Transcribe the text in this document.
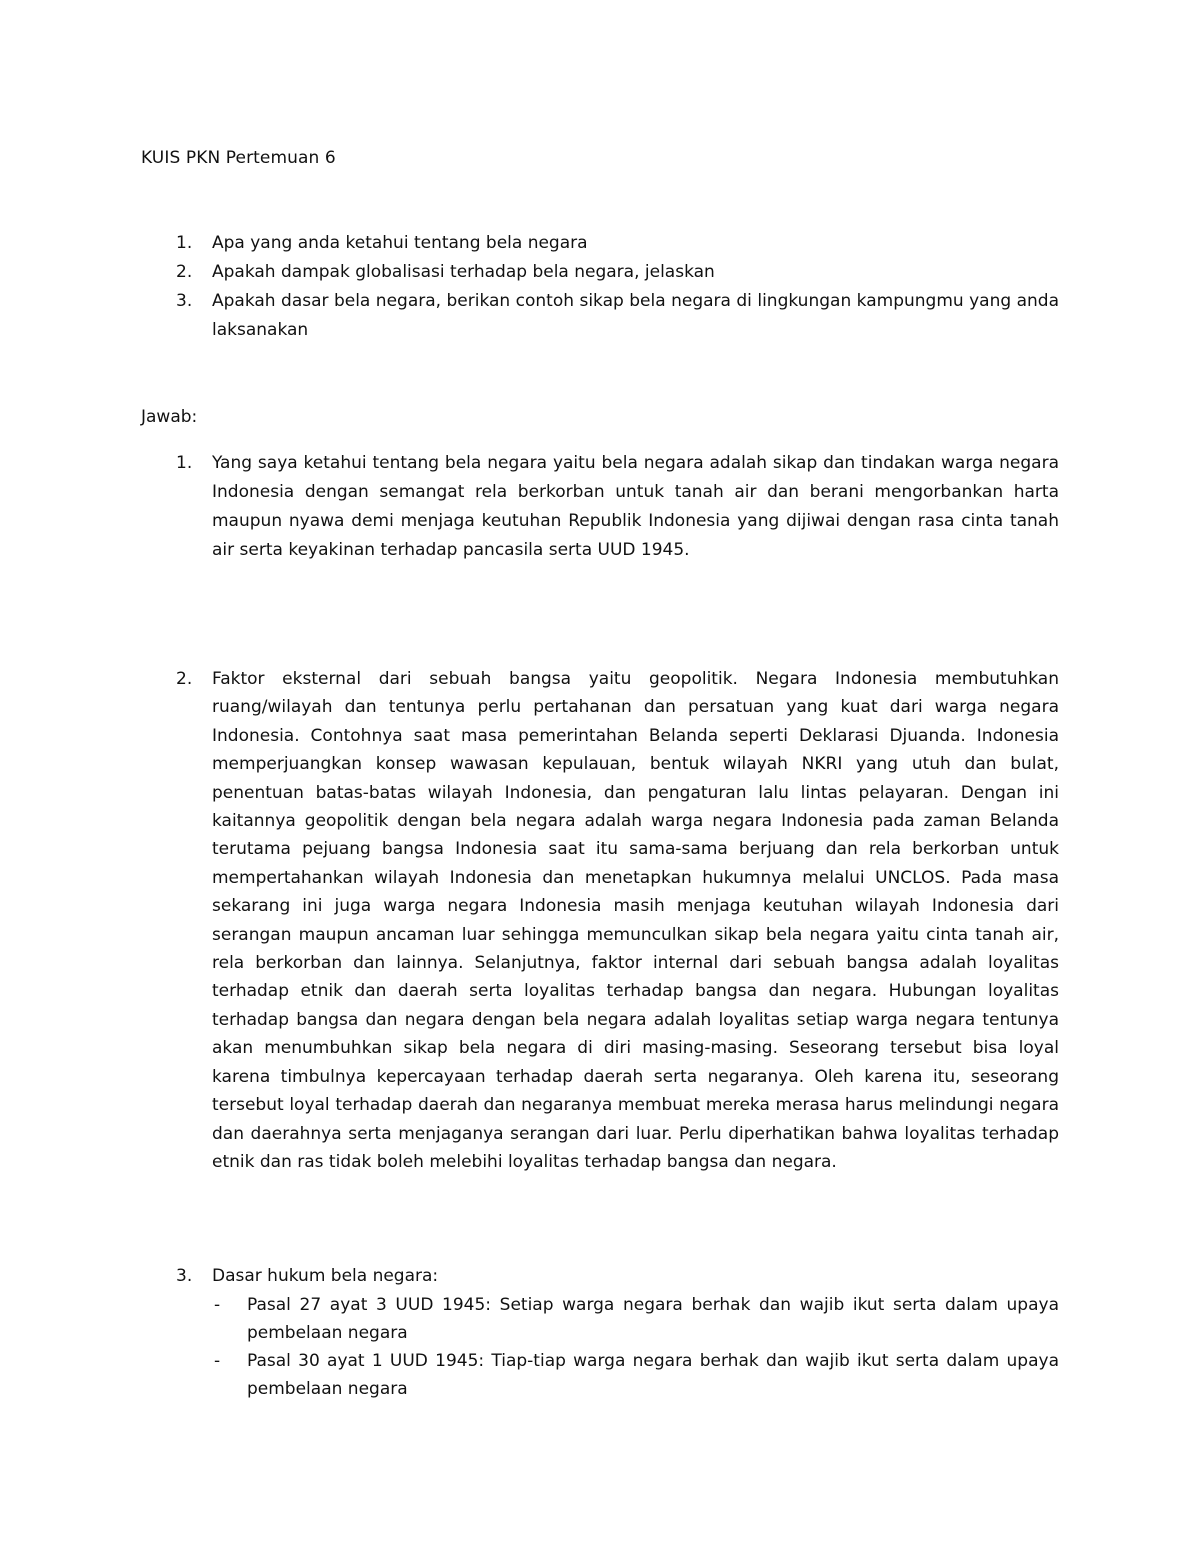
KUIS PKN Pertemuan 6
1. Apa yang anda ketahui tentang bela negara
2. Apakah dampak globalisasi terhadap bela negara, jelaskan
3. Apakah dasar bela negara, berikan contoh sikap bela negara di lingkungan kampungmu yang anda laksanakan
Jawab:
1. Yang saya ketahui tentang bela negara yaitu bela negara adalah sikap dan tindakan warga negara Indonesia dengan semangat rela berkorban untuk tanah air dan berani mengorbankan harta maupun nyawa demi menjaga keutuhan Republik Indonesia yang dijiwai dengan rasa cinta tanah air serta keyakinan terhadap pancasila serta UUD 1945.
2. Faktor eksternal dari sebuah bangsa yaitu geopolitik. Negara Indonesia membutuhkan ruang/wilayah dan tentunya perlu pertahanan dan persatuan yang kuat dari warga negara Indonesia. Contohnya saat masa pemerintahan Belanda seperti Deklarasi Djuanda. Indonesia memperjuangkan konsep wawasan kepulauan, bentuk wilayah NKRI yang utuh dan bulat, penentuan batas-batas wilayah Indonesia, dan pengaturan lalu lintas pelayaran. Dengan ini kaitannya geopolitik dengan bela negara adalah warga negara Indonesia pada zaman Belanda terutama pejuang bangsa Indonesia saat itu sama-sama berjuang dan rela berkorban untuk mempertahankan wilayah Indonesia dan menetapkan hukumnya melalui UNCLOS. Pada masa sekarang ini juga warga negara Indonesia masih menjaga keutuhan wilayah Indonesia dari serangan maupun ancaman luar sehingga memunculkan sikap bela negara yaitu cinta tanah air, rela berkorban dan lainnya. Selanjutnya, faktor internal dari sebuah bangsa adalah loyalitas terhadap etnik dan daerah serta loyalitas terhadap bangsa dan negara. Hubungan loyalitas terhadap bangsa dan negara dengan bela negara adalah loyalitas setiap warga negara tentunya akan menumbuhkan sikap bela negara di diri masing-masing. Seseorang tersebut bisa loyal karena timbulnya kepercayaan terhadap daerah serta negaranya. Oleh karena itu, seseorang tersebut loyal terhadap daerah dan negaranya membuat mereka merasa harus melindungi negara dan daerahnya serta menjaganya serangan dari luar. Perlu diperhatikan bahwa loyalitas terhadap etnik dan ras tidak boleh melebihi loyalitas terhadap bangsa dan negara.
3. Dasar hukum bela negara:
- Pasal 27 ayat 3 UUD 1945: Setiap warga negara berhak dan wajib ikut serta dalam upaya pembelaan negara
- Pasal 30 ayat 1 UUD 1945: Tiap-tiap warga negara berhak dan wajib ikut serta dalam upaya pembelaan negara
